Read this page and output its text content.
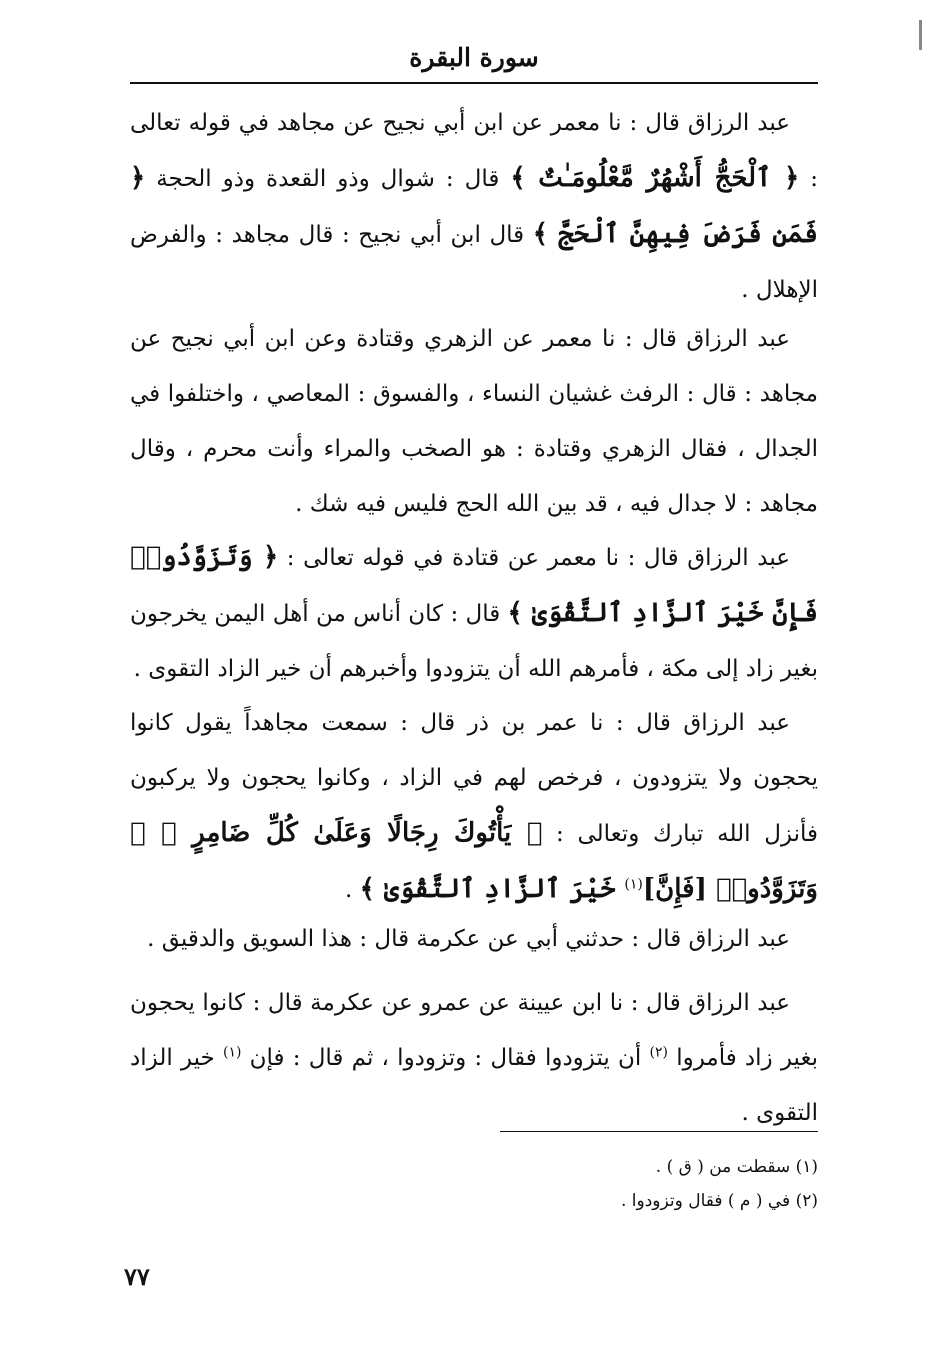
سورة البقرة
عبد الرزاق قال : نا معمر عن ابن أبي نجيح عن مجاهد في قوله تعالى : ﴿ ٱلْحَجُّ أَشْهُرٌ مَّعْلُومَـٰتٌ ﴾ قال : شوال وذو القعدة وذو الحجة ﴿ فَمَن فَرَضَ فِيهِنَّ ٱلْحَجَّ ﴾ قال ابن أبي نجيح : قال مجاهد : والفرض الإهلال .
عبد الرزاق قال : نا معمر عن الزهري وقتادة وعن ابن أبي نجيح عن مجاهد : قال : الرفث غشيان النساء ، والفسوق : المعاصي ، واختلفوا في الجدال ، فقال الزهري وقتادة : هو الصخب والمراء وأنت محرم ، وقال مجاهد : لا جدال فيه ، قد بين الله الحج فليس فيه شك .
عبد الرزاق قال : نا معمر عن قتادة في قوله تعالى : ﴿ وَتَزَوَّدُوا۟ فَإِنَّ خَيْرَ ٱلزَّادِ ٱلتَّقْوَىٰ ﴾ قال : كان أناس من أهل اليمن يخرجون بغير زاد إلى مكة ، فأمرهم الله أن يتزودوا وأخبرهم أن خير الزاد التقوى .
عبد الرزاق قال : نا عمر بن ذر قال : سمعت مجاهداً يقول كانوا يحجون ولا يتزودون ، فرخص لهم في الزاد ، وكانوا يحجون ولا يركبون فأنزل الله تبارك وتعالى : ﴿ يَأْتُوكَ رِجَالًا وَعَلَىٰ كُلِّ ضَامِرٍ ﴾ ﴿ وَتَزَوَّدُوا۟ [فَإِنَّ]$^{(١)}$ خَيْرَ ٱلزَّادِ ٱلتَّقْوَىٰ ﴾ .
عبد الرزاق قال : حدثني أبي عن عكرمة قال : هذا السويق والدقيق .
عبد الرزاق قال : نا ابن عيينة عن عمرو عن عكرمة قال : كانوا يحجون بغير زاد فأمروا $^{(٢)}$ أن يتزودوا فقال : وتزودوا ، ثم قال : فإن $^{(١)}$ خير الزاد التقوى .

(١) سقطت من ( ق ) .

(٢) في ( م ) فقال وتزودوا .

٧٧
